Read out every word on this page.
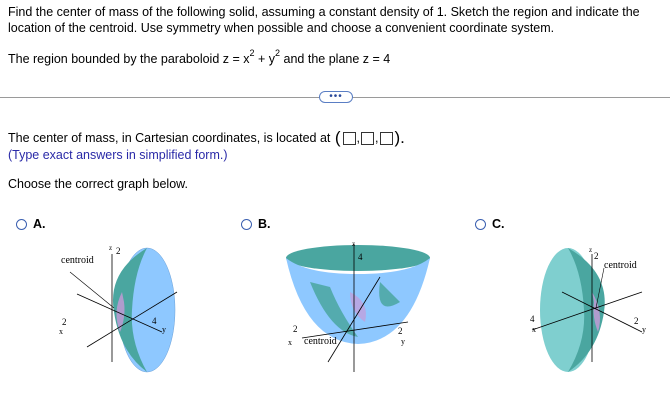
Find the center of mass of the following solid, assuming a constant density of 1. Sketch the region and indicate the location of the centroid. Use symmetry when possible and choose a convenient coordinate system.
The region bounded by the paraboloid $z = x^2 + y^2$ and the plane z = 4
•••
The center of mass, in Cartesian coordinates, is located at
( , , ).
(Type exact answers in simplified form.)
Choose the correct graph below.
A.
z 2
centroid
2
x
4
y
B.
z
4
2
x centroid
2
y
C.
z
2
centroid
4
x
2
y
